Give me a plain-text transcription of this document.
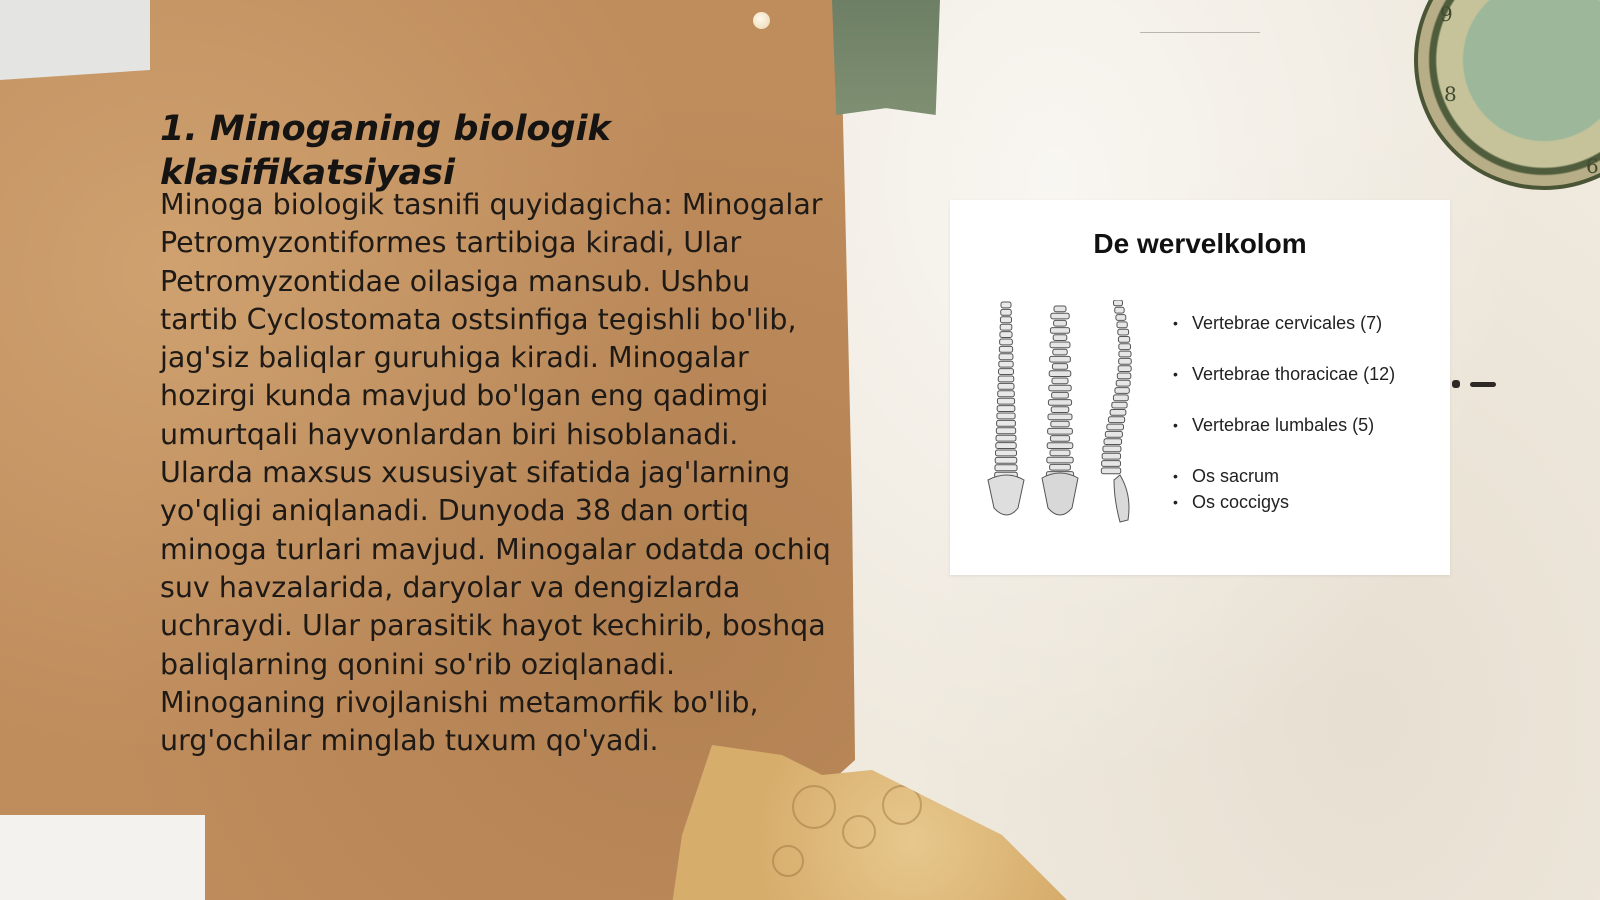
9
8
6
1. Minoganing biologik klasifikatsiyasi

Minoga biologik tasnifi quyidagicha: Minogalar Petromyzontiformes tartibiga kiradi, Ular Petromyzontidae oilasiga mansub. Ushbu tartib Cyclostomata ostsinfiga tegishli bo'lib, jag'siz baliqlar guruhiga kiradi. Minogalar hozirgi kunda mavjud bo'lgan eng qadimgi umurtqali hayvonlardan biri hisoblanadi. Ularda maxsus xususiyat sifatida jag'larning yo'qligi aniqlanadi. Dunyoda 38 dan ortiq minoga turlari mavjud. Minogalar odatda ochiq suv havzalarida, daryolar va dengizlarda uchraydi. Ular parasitik hayot kechirib, boshqa baliqlarning qonini so'rib oziqlanadi. Minoganing rivojlanishi metamorfik bo'lib, urg'ochilar minglab tuxum qo'yadi.

De wervelkolom
• Vertebrae cervicales (7)
• Vertebrae thoracicae (12)
• Vertebrae lumbales (5)
• Os sacrum
• Os coccigys
